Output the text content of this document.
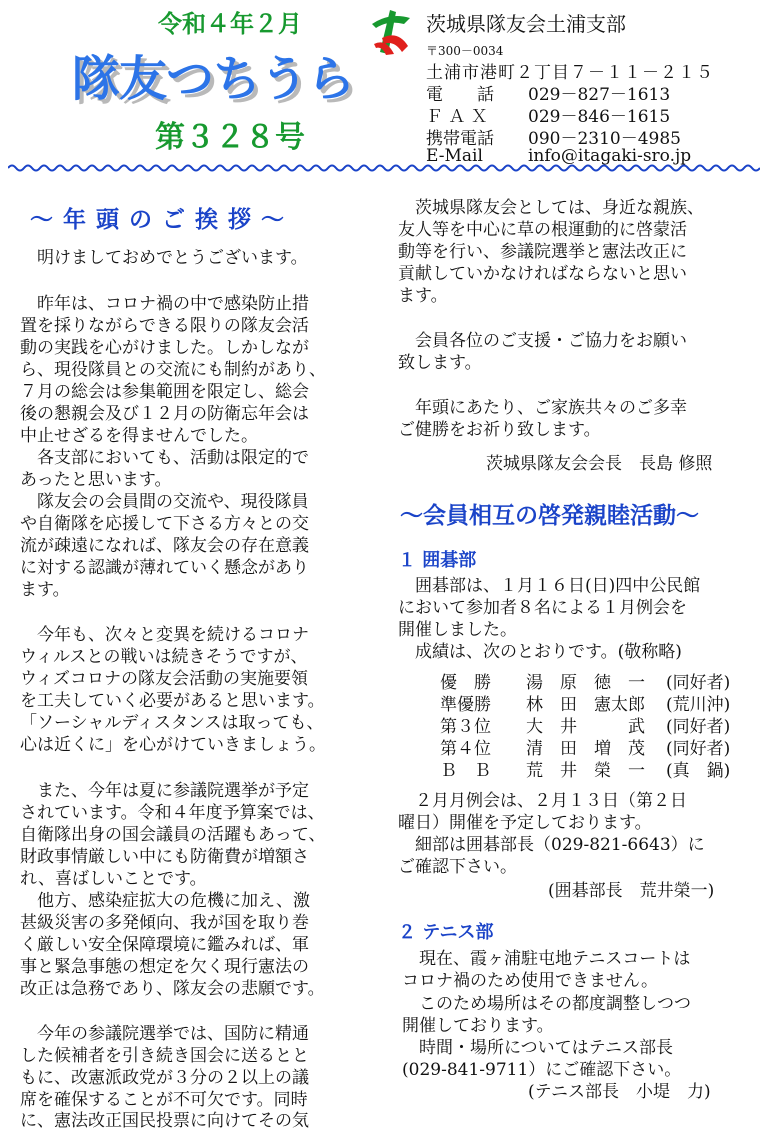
令和４年２月
隊友つちうら
第３２８号
茨城県隊友会土浦支部
〒300－0034
土浦市港町２丁目７－１１－２１５
電　　話 029－827－1613
Ｆ Ａ Ｘ 029－846－1615
携帯電話 090－2310－4985
E-Mail	info@itagaki-sro.jp
～ 年 頭 の ご 挨 拶 ～
　明けましておめでとうございます。
　昨年は、コロナ禍の中で感染防止措
置を採りながらできる限りの隊友会活
動の実践を心がけました。しかしなが
ら、現役隊員との交流にも制約があり、
７月の総会は参集範囲を限定し、総会
後の懇親会及び１２月の防衛忘年会は
中止せざるを得ませんでした。
　各支部においても、活動は限定的で
あったと思います。
　隊友会の会員間の交流や、現役隊員
や自衛隊を応援して下さる方々との交
流が疎遠になれば、隊友会の存在意義
に対する認識が薄れていく懸念があり
ます。
　今年も、次々と変異を続けるコロナ
ウィルスとの戦いは続きそうですが、
ウィズコロナの隊友会活動の実施要領
を工夫していく必要があると思います。
「ソーシャルディスタンスは取っても、
心は近くに」を心がけていきましょう。
　また、今年は夏に参議院選挙が予定
されています。令和４年度予算案では、
自衛隊出身の国会議員の活躍もあって、
財政事情厳しい中にも防衛費が増額さ
れ、喜ばしいことです。
　他方、感染症拡大の危機に加え、激
甚級災害の多発傾向、我が国を取り巻
く厳しい安全保障環境に鑑みれば、軍
事と緊急事態の想定を欠く現行憲法の
改正は急務であり、隊友会の悲願です。
　今年の参議院選挙では、国防に精通
した候補者を引き続き国会に送るとと
もに、改憲派政党が３分の２以上の議
席を確保することが不可欠です。同時
に、憲法改正国民投票に向けてその気
　茨城県隊友会としては、身近な親族、
友人等を中心に草の根運動的に啓蒙活
動等を行い、参議院選挙と憲法改正に
貢献していかなければならないと思い
ます。
　会員各位のご支援・ご協力をお願い
致します。
　年頭にあたり、ご家族共々のご多幸
ご健勝をお祈り致します。
茨城県隊友会会長　長島 修照
～会員相互の啓発親睦活動～
１ 囲碁部
　囲碁部は、１月１６日(日)四中公民館
において参加者８名による１月例会を
開催しました。
　成績は、次のとおりです。(敬称略)
優　勝 湯　原　徳　一 (同好者)
準優勝 林　田　憲太郎 (荒川沖)
第３位 大　井　　　武 (同好者)
第４位 清　田　増　茂 (同好者)
Ｂ　Ｂ 荒　井　榮　一 (真　鍋)
　２月月例会は、２月１３日（第２日
曜日）開催を予定しております。
　細部は囲碁部長（029-821-6643）に
ご確認下さい。
(囲碁部長　荒井榮一)
２ テニス部
　現在、霞ヶ浦駐屯地テニスコートは
コロナ禍のため使用できません。
　このため場所はその都度調整しつつ
開催しております。
　時間・場所についてはテニス部長
(029-841-9711）にご確認下さい。
(テニス部長　小堤　力)
